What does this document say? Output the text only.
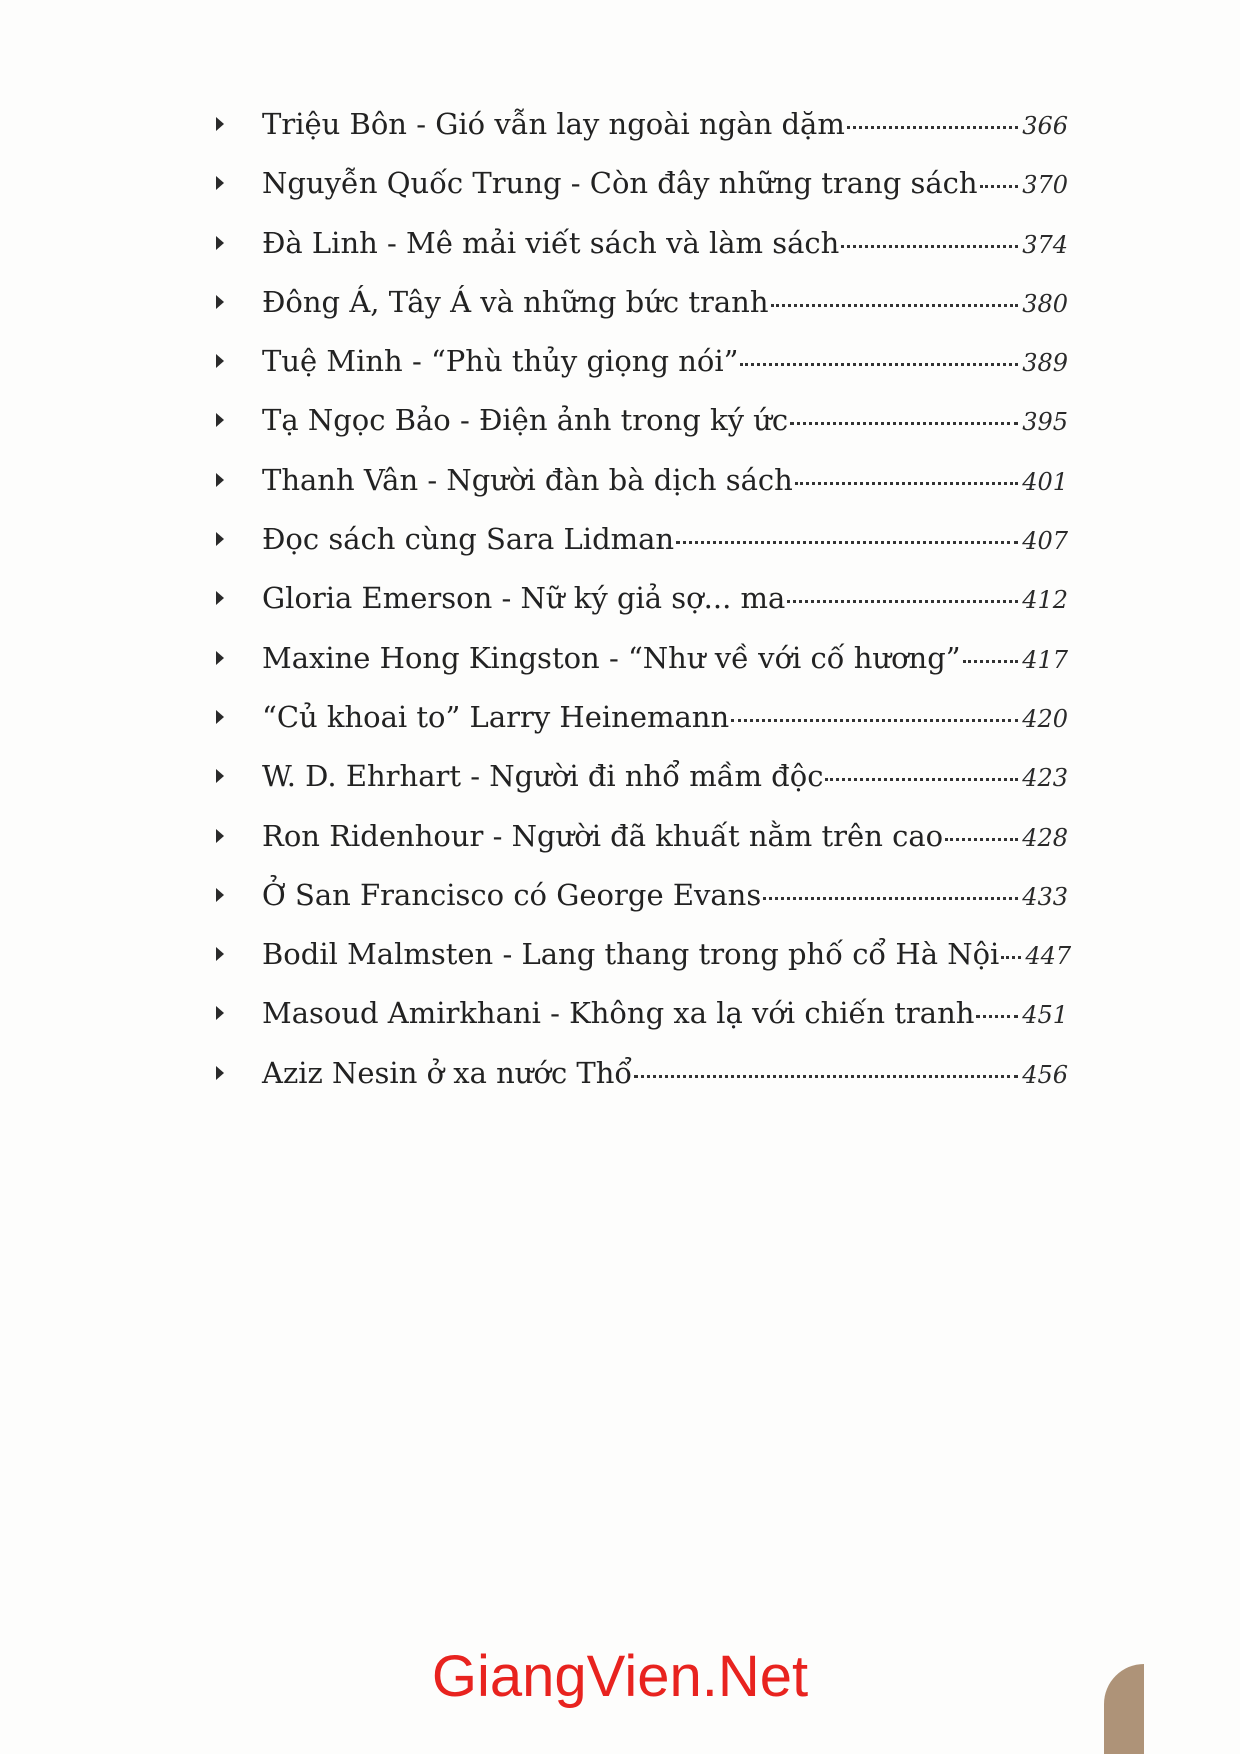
Triệu Bôn - Gió vẫn lay ngoài ngàn dặm	366
Nguyễn Quốc Trung - Còn đây những trang sách 370
Đà Linh - Mê mải viết sách và làm sách	374
Đông Á, Tây Á và những bức tranh	380
Tuệ Minh - “Phù thủy giọng nói”	389
Tạ Ngọc Bảo - Điện ảnh trong ký ức	395
Thanh Vân - Người đàn bà dịch sách	401
Đọc sách cùng Sara Lidman	407
Gloria Emerson - Nữ ký giả sợ... ma	412
Maxine Hong Kingston - “Như về với cố hương”	417
“Củ khoai to” Larry Heinemann	420
W. D. Ehrhart - Người đi nhổ mầm độc	423
Ron Ridenhour - Người đã khuất nằm trên cao	428
Ở San Francisco có George Evans	433
Bodil Malmsten - Lang thang trong phố cổ Hà Nội 447
Masoud Amirkhani - Không xa lạ với chiến tranh 451
Aziz Nesin ở xa nước Thổ	456
GiangVien.Net
